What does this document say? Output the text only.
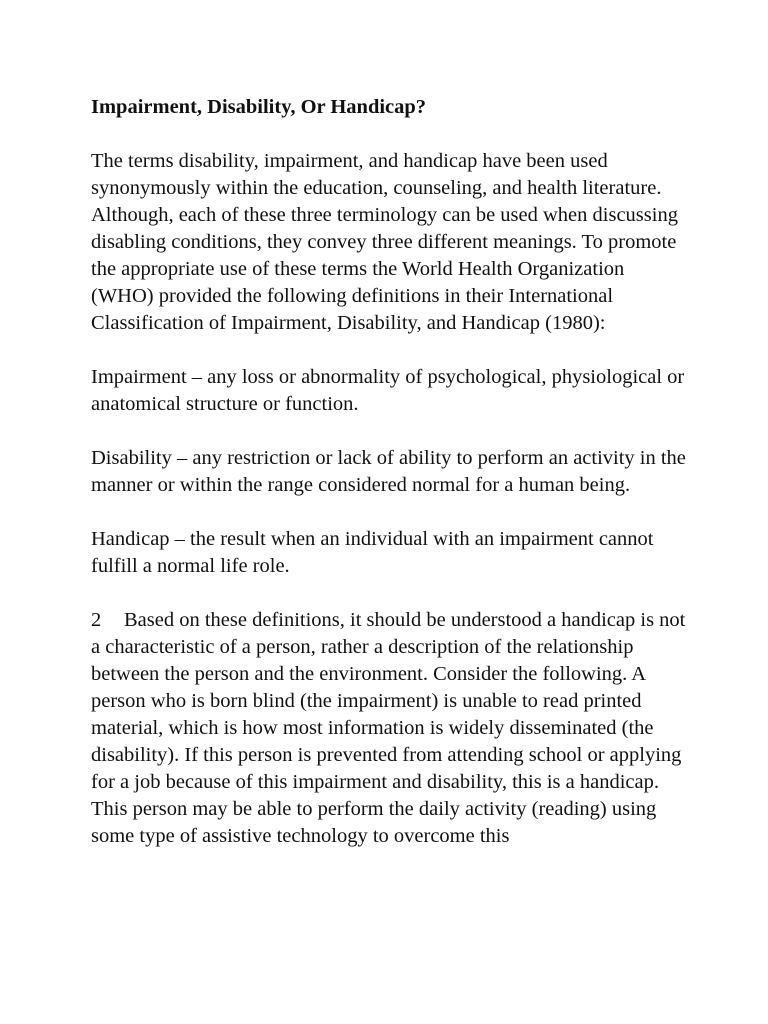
Impairment, Disability, Or Handicap?
The terms disability, impairment, and handicap have been used synonymously within the education, counseling, and health literature. Although, each of these three terminology can be used when discussing disabling conditions, they convey three different meanings. To promote the appropriate use of these terms the World Health Organization (WHO) provided the following definitions in their International Classification of Impairment, Disability, and Handicap (1980):
Impairment – any loss or abnormality of psychological, physiological or anatomical structure or function.
Disability – any restriction or lack of ability to perform an activity in the manner or within the range considered normal for a human being.
Handicap – the result when an individual with an impairment cannot fulfill a normal life role.
2 Based on these definitions, it should be understood a handicap is not a characteristic of a person, rather a description of the relationship between the person and the environment. Consider the following. A person who is born blind (the impairment) is unable to read printed material, which is how most information is widely disseminated (the disability). If this person is prevented from attending school or applying for a job because of this impairment and disability, this is a handicap. This person may be able to perform the daily activity (reading) using some type of assistive technology to overcome this
